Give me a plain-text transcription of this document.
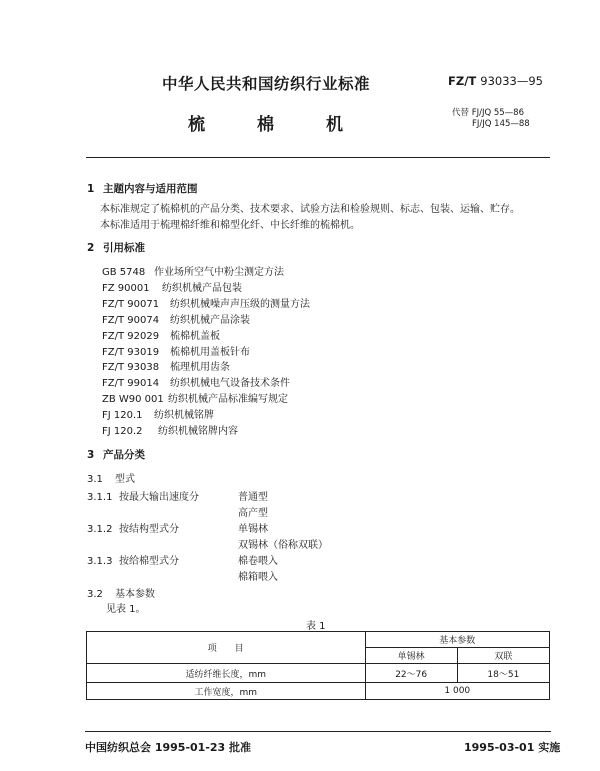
中华人民共和国纺织行业标准	FZ/T 93033—95
梳	棉	机
代替 FJ/JQ 55—86
FJ/JQ 145—88
1 主题内容与适用范围
本标准规定了梳棉机的产品分类、技术要求、试验方法和检验规则、标志、包装、运输、贮存。
本标准适用于梳理棉纤维和棉型化纤、中长纤维的梳棉机。
2 引用标准
GB 5748 作业场所空气中粉尘测定方法
FZ 90001 纺织机械产品包装
FZ/T 90071 纺织机械噪声声压级的测量方法
FZ/T 90074 纺织机械产品涂装
FZ/T 92029 梳棉机盖板
FZ/T 93019 梳棉机用盖板针布
FZ/T 93038 梳理机用齿条
FZ/T 99014 纺织机械电气设备技术条件
ZB W90 001 纺织机械产品标准编写规定
FJ 120.1 纺织机械铭牌
FJ 120.2 纺织机械铭牌内容
3 产品分类
3.1 型式
3.1.1 按最大输出速度分	普通型
高产型
3.1.2 按结构型式分	单锡林
双锡林（俗称双联）
3.1.3 按给棉型式分	棉卷喂入
棉箱喂入
3.2 基本参数
见表 1。
表 1
项　　目	基本参数	
	单锡林	双联
适纺纤维长度，mm	22～76	18～51
工作宽度，mm	1 000	
中国纺织总会 1995-01-23 批准	1995-03-01 实施
